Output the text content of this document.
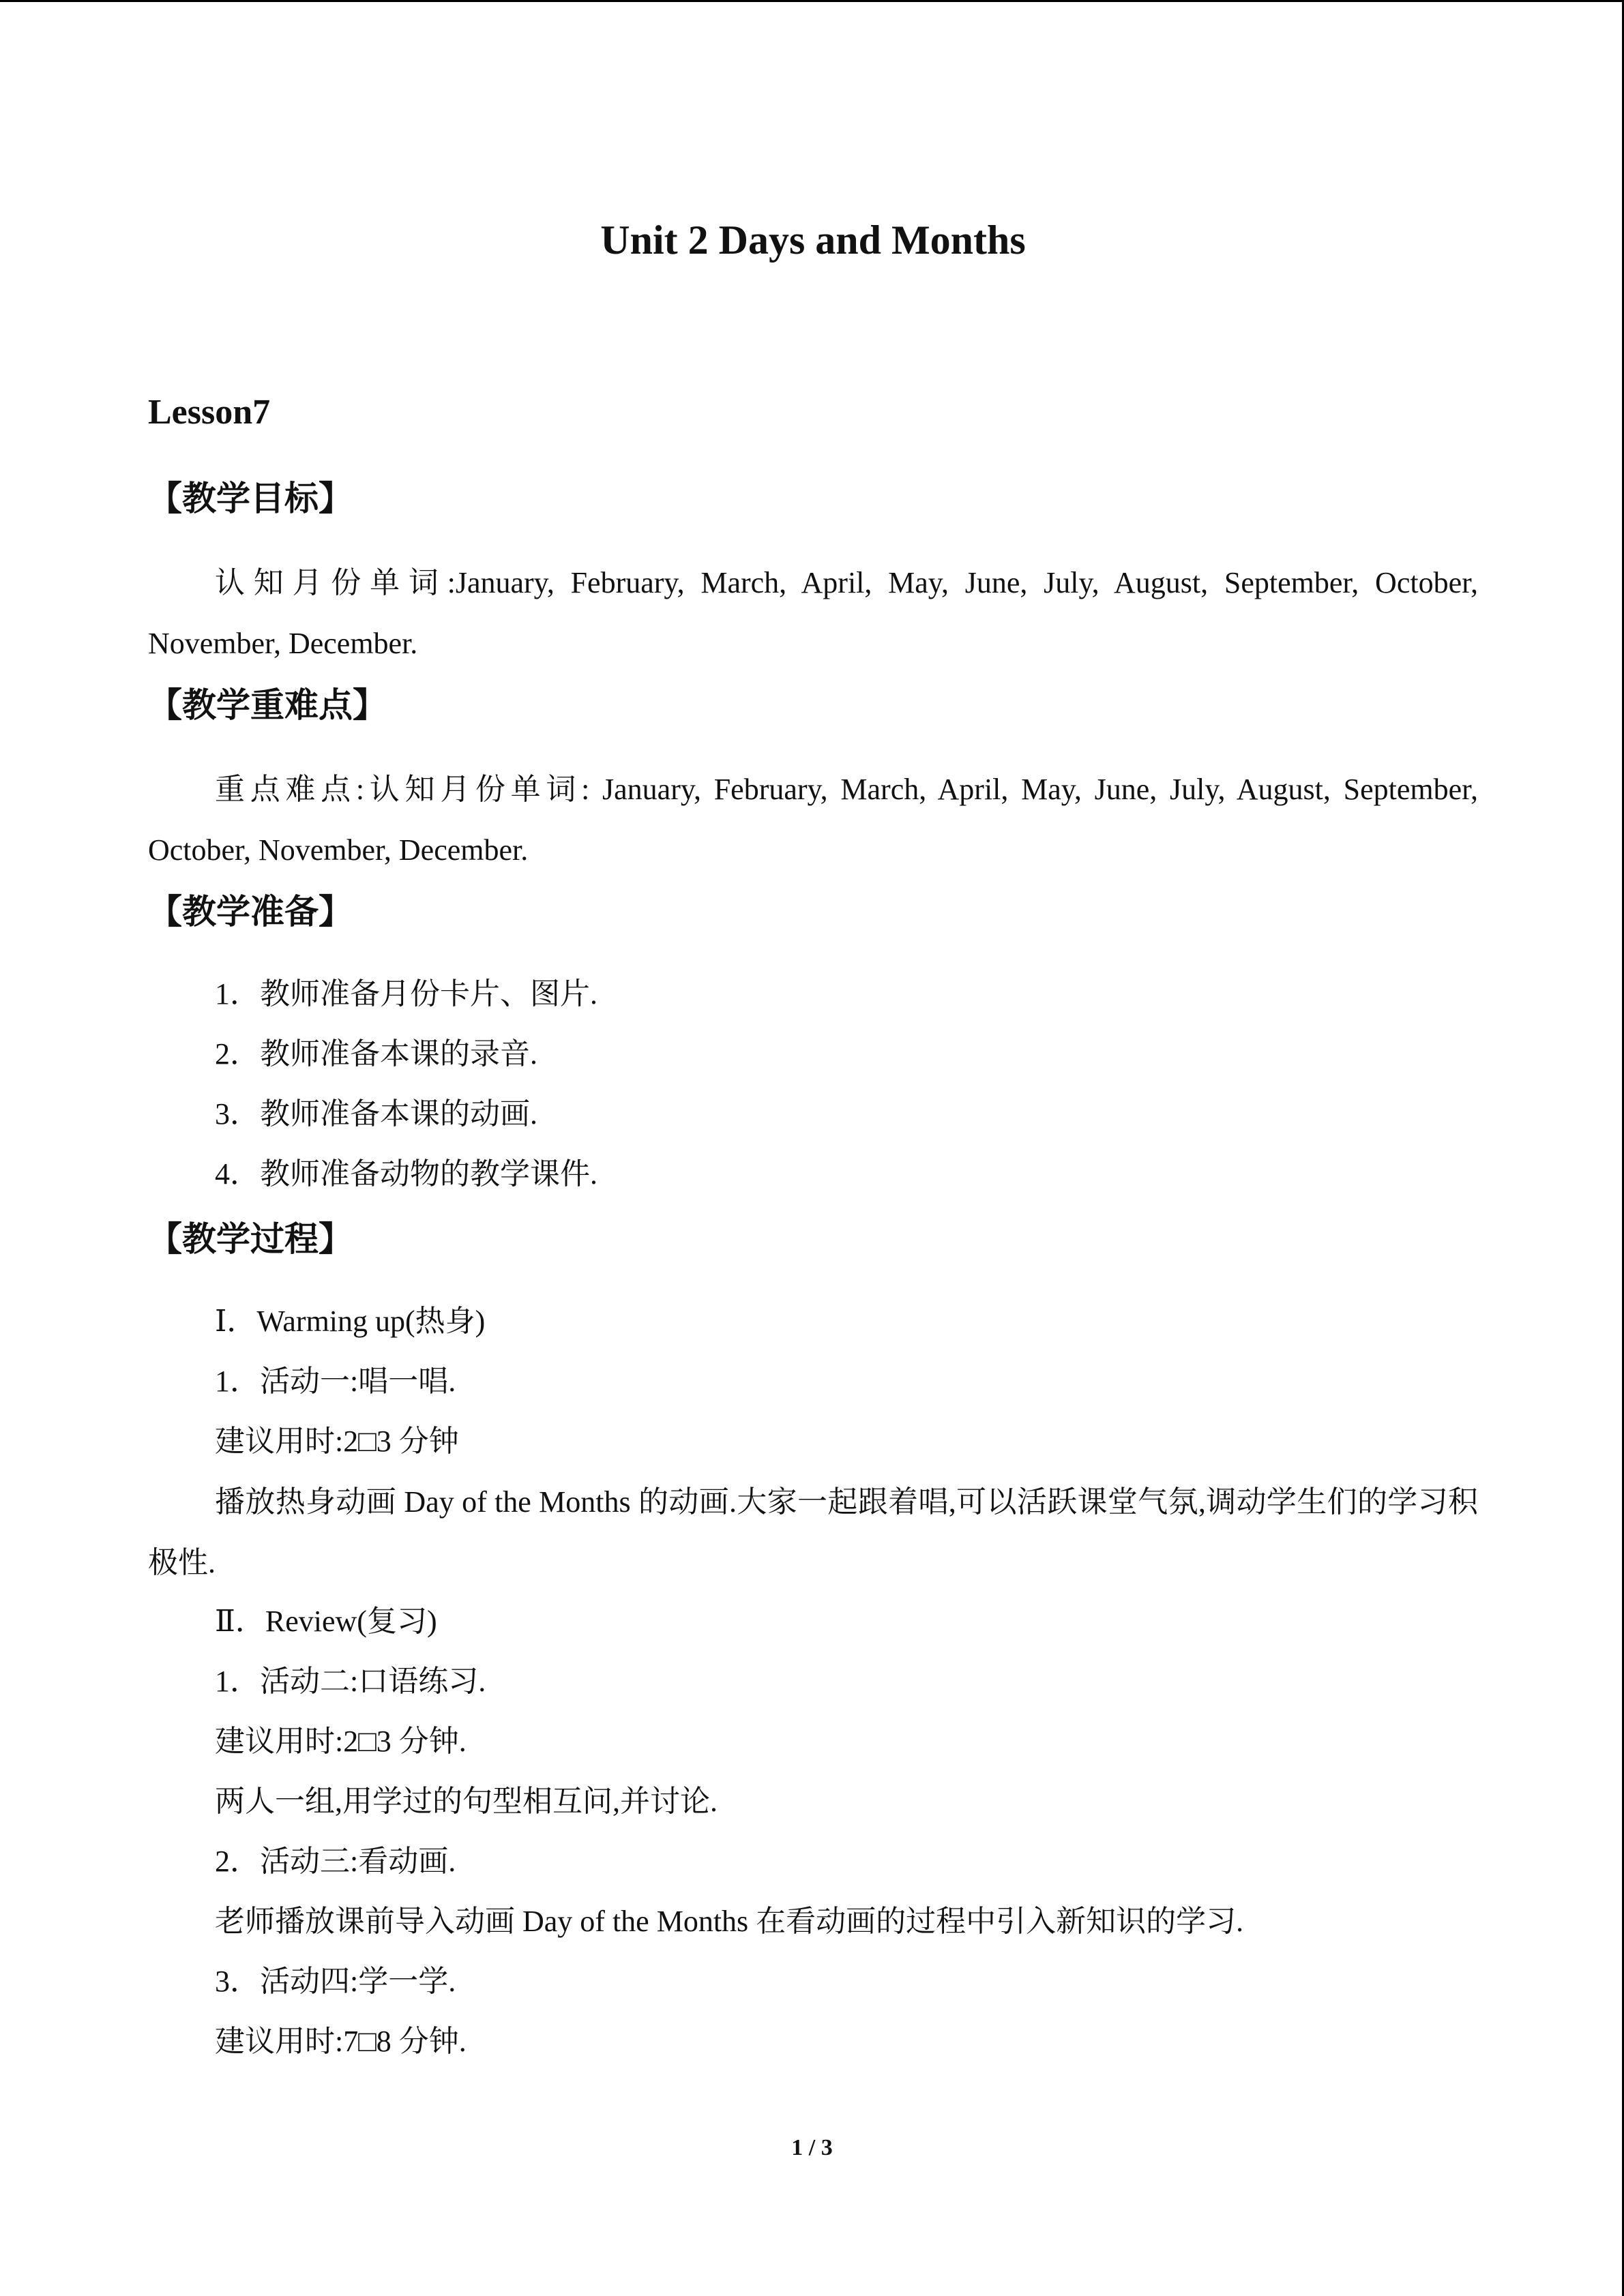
Unit 2 Days and Months
Lesson7
【教学目标】

认知月份单词:January, February, March, April, May, June, July, August, September, October, November, December.

【教学重难点】

重点难点:认知月份单词: January, February, March, April, May, June, July, August, September, October, November, December.

【教学准备】

1．教师准备月份卡片、图片.

2．教师准备本课的录音.

3．教师准备本课的动画.

4．教师准备动物的教学课件.

【教学过程】

Ⅰ．Warming up(热身)

1．活动一:唱一唱.

建议用时:2□3 分钟

播放热身动画 Day of the Months 的动画.大家一起跟着唱,可以活跃课堂气氛,调动学生们的学习积极性.

Ⅱ．Review(复习)

1．活动二:口语练习.

建议用时:2□3 分钟.

两人一组,用学过的句型相互问,并讨论.

2．活动三:看动画.

老师播放课前导入动画 Day of the Months 在看动画的过程中引入新知识的学习.

3．活动四:学一学.

建议用时:7□8 分钟.

1 / 3
